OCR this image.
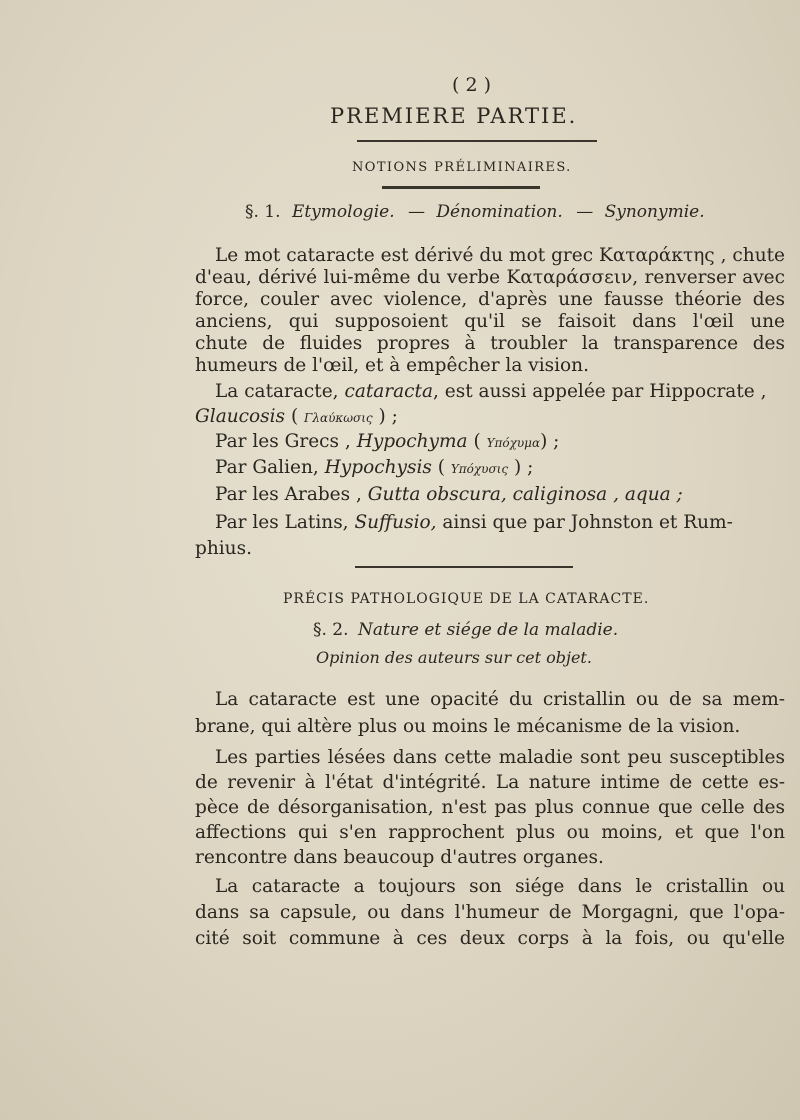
( 2 )
PREMIERE PARTIE.
NOTIONS PRÉLIMINAIRES.
§. 1. Etymologie. — Dénomination. — Synonymie.
Le mot cataracte est dérivé du mot grec Καταράκτης , chute
d'eau, dérivé lui-même du verbe Καταράσσειν, renverser avec
force, couler avec violence, d'après une fausse théorie des
anciens, qui supposoient qu'il se faisoit dans l'œil une
chute de fluides propres à troubler la transparence des
humeurs de l'œil, et à empêcher la vision.
La cataracte, cataracta, est aussi appelée par Hippocrate ,
Glaucosis ( Γλαύκωσις ) ;
Par les Grecs , Hypochyma ( Υπόχυμα) ;
Par Galien, Hypochysis ( Υπόχυσις ) ;
Par les Arabes , Gutta obscura, caliginosa , aqua ;
Par les Latins, Suffusio, ainsi que par Johnston et Rum-
phius.
PRÉCIS PATHOLOGIQUE DE LA CATARACTE.
§. 2. Nature et siége de la maladie.
Opinion des auteurs sur cet objet.
La cataracte est une opacité du cristallin ou de sa mem-
brane, qui altère plus ou moins le mécanisme de la vision.
Les parties lésées dans cette maladie sont peu susceptibles
de revenir à l'état d'intégrité. La nature intime de cette es-
pèce de désorganisation, n'est pas plus connue que celle des
affections qui s'en rapprochent plus ou moins, et que l'on
rencontre dans beaucoup d'autres organes.
La cataracte a toujours son siége dans le cristallin ou
dans sa capsule, ou dans l'humeur de Morgagni, que l'opa-
cité soit commune à ces deux corps à la fois, ou qu'elle
